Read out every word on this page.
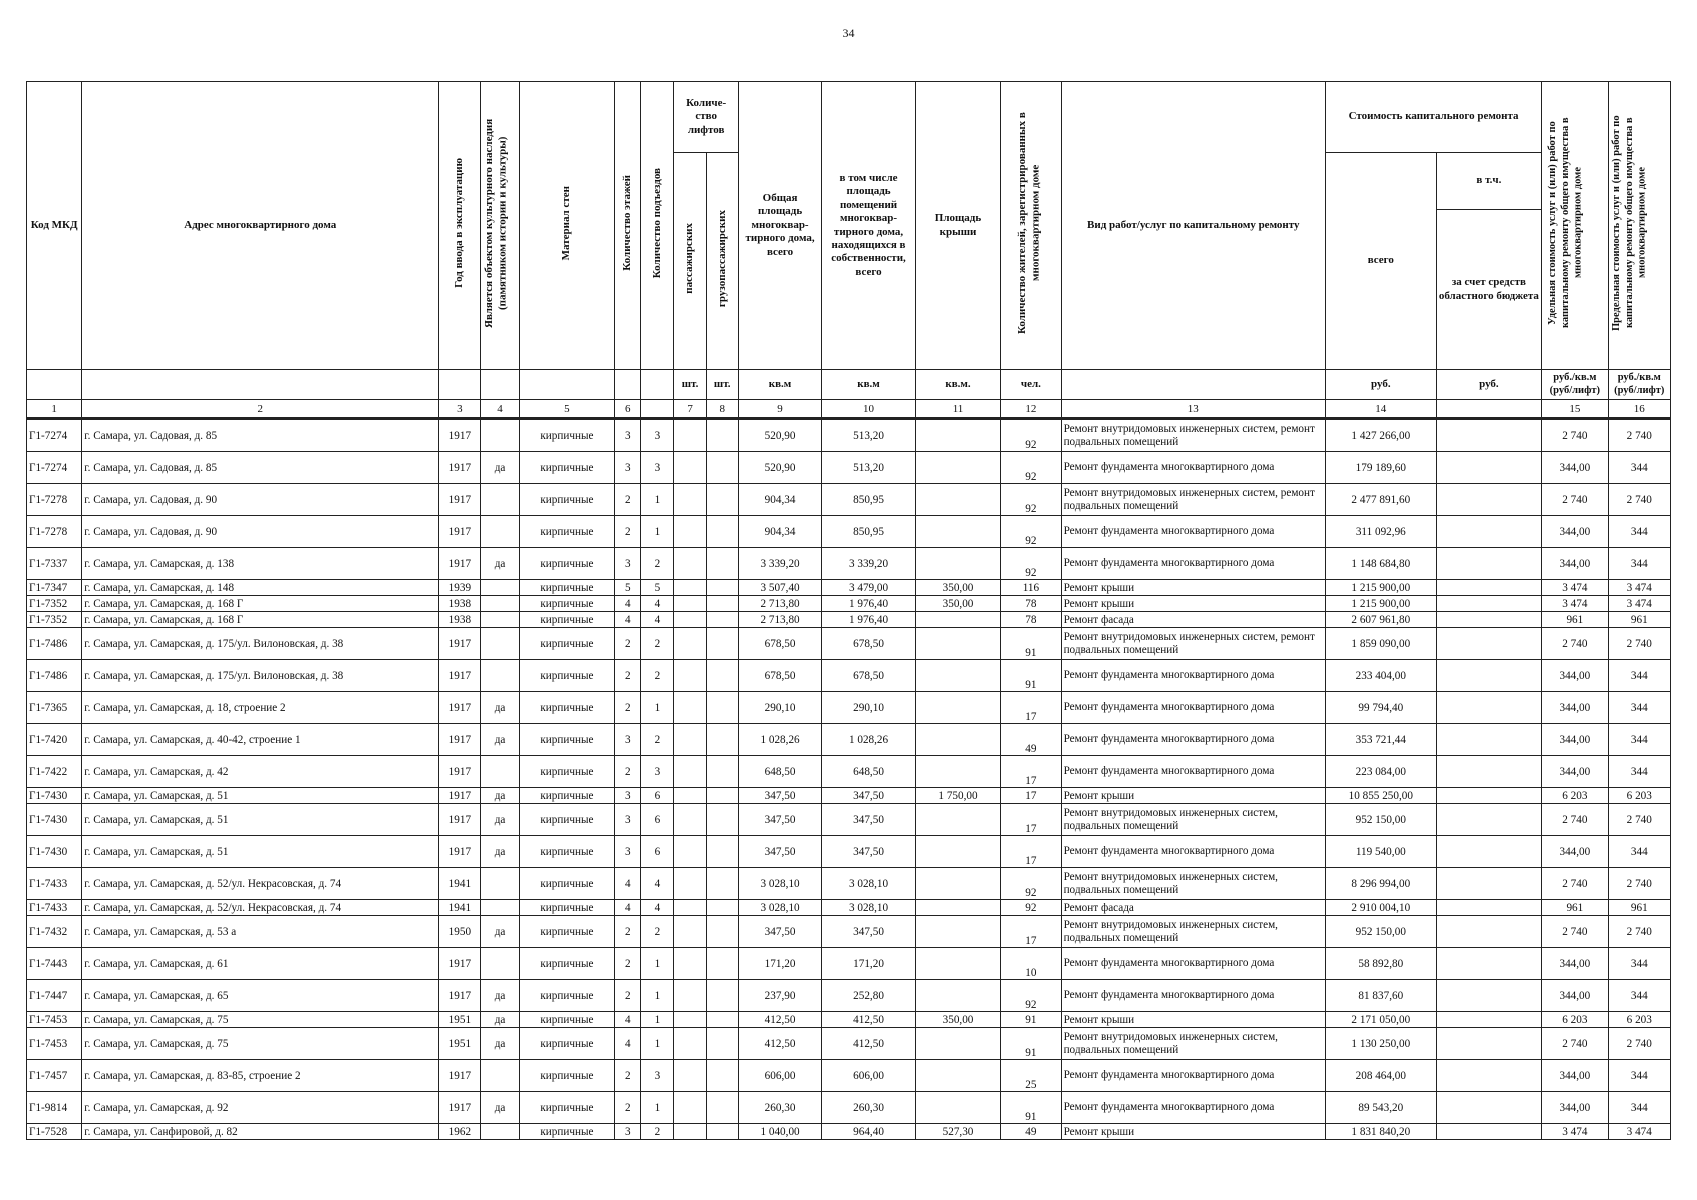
34
Код МКД	Адрес многоквартирного дома	Год ввода в эксплуатацию	Является объектом культурного наследия (памятником истории и культуры)	Материал стен	Количество этажей	Количество подъездов	Количе-ство лифтов		Общая площадь многоквар-тирного дома, всего	в том числе площадь помещений многоквар-тирного дома, находящихся в собственности, всего	Площадь крыши	Количество жителей, зарегистрированных в многоквартирном доме	Вид работ/услуг по капитальному ремонту	Стоимость капитального ремонта		Удельная стоимость услуг и (или) работ по капитальному ремонту общего имущества в многоквартирном доме	Предельная стоимость услуг и (или) работ по капитальному ремонту общего имущества в многоквартирном доме
							пассажирских	грузопассажирских						всего	в т.ч.		
															за счет средств областного бюджета		
							шт.	шт.	кв.м	кв.м	кв.м.	чел.		руб.	руб.	руб./кв.м (руб/лифт)	руб./кв.м (руб/лифт)
1	2	3	4	5	6		7	8	9	10	11	12	13	14		15	16
Г1-7274	г. Самара, ул. Садовая, д. 85	1917		кирпичные	3	3			520,90	513,20		92	Ремонт внутридомовых инженерных систем, ремонт подвальных помещений	1 427 266,00		2 740	2 740
Г1-7274	г. Самара, ул. Садовая, д. 85	1917	да	кирпичные	3	3			520,90	513,20		92	Ремонт фундамента многоквартирного дома	179 189,60		344,00	344
Г1-7278	г. Самара, ул. Садовая, д. 90	1917		кирпичные	2	1			904,34	850,95		92	Ремонт внутридомовых инженерных систем, ремонт подвальных помещений	2 477 891,60		2 740	2 740
Г1-7278	г. Самара, ул. Садовая, д. 90	1917		кирпичные	2	1			904,34	850,95		92	Ремонт фундамента многоквартирного дома	311 092,96		344,00	344
Г1-7337	г. Самара, ул. Самарская, д. 138	1917	да	кирпичные	3	2			3 339,20	3 339,20		92	Ремонт фундамента многоквартирного дома	1 148 684,80		344,00	344
Г1-7347	г. Самара, ул. Самарская, д. 148	1939		кирпичные	5	5			3 507,40	3 479,00	350,00	116	Ремонт крыши	1 215 900,00		3 474	3 474
Г1-7352	г. Самара, ул. Самарская, д. 168 Г	1938		кирпичные	4	4			2 713,80	1 976,40	350,00	78	Ремонт крыши	1 215 900,00		3 474	3 474
Г1-7352	г. Самара, ул. Самарская, д. 168 Г	1938		кирпичные	4	4			2 713,80	1 976,40		78	Ремонт фасада	2 607 961,80		961	961
Г1-7486	г. Самара, ул. Самарская, д. 175/ул. Вилоновская, д. 38	1917		кирпичные	2	2			678,50	678,50		91	Ремонт внутридомовых инженерных систем, ремонт подвальных помещений	1 859 090,00		2 740	2 740
Г1-7486	г. Самара, ул. Самарская, д. 175/ул. Вилоновская, д. 38	1917		кирпичные	2	2			678,50	678,50		91	Ремонт фундамента многоквартирного дома	233 404,00		344,00	344
Г1-7365	г. Самара, ул. Самарская, д. 18, строение 2	1917	да	кирпичные	2	1			290,10	290,10		17	Ремонт фундамента многоквартирного дома	99 794,40		344,00	344
Г1-7420	г. Самара, ул. Самарская, д. 40-42, строение 1	1917	да	кирпичные	3	2			1 028,26	1 028,26		49	Ремонт фундамента многоквартирного дома	353 721,44		344,00	344
Г1-7422	г. Самара, ул. Самарская, д. 42	1917		кирпичные	2	3			648,50	648,50		17	Ремонт фундамента многоквартирного дома	223 084,00		344,00	344
Г1-7430	г. Самара, ул. Самарская, д. 51	1917	да	кирпичные	3	6			347,50	347,50	1 750,00	17	Ремонт крыши	10 855 250,00		6 203	6 203
Г1-7430	г. Самара, ул. Самарская, д. 51	1917	да	кирпичные	3	6			347,50	347,50		17	Ремонт внутридомовых инженерных систем, подвальных помещений	952 150,00		2 740	2 740
Г1-7430	г. Самара, ул. Самарская, д. 51	1917	да	кирпичные	3	6			347,50	347,50		17	Ремонт фундамента многоквартирного дома	119 540,00		344,00	344
Г1-7433	г. Самара, ул. Самарская, д. 52/ул. Некрасовская, д. 74	1941		кирпичные	4	4			3 028,10	3 028,10		92	Ремонт внутридомовых инженерных систем, подвальных помещений	8 296 994,00		2 740	2 740
Г1-7433	г. Самара, ул. Самарская, д. 52/ул. Некрасовская, д. 74	1941		кирпичные	4	4			3 028,10	3 028,10		92	Ремонт фасада	2 910 004,10		961	961
Г1-7432	г. Самара, ул. Самарская, д. 53 а	1950	да	кирпичные	2	2			347,50	347,50		17	Ремонт внутридомовых инженерных систем, подвальных помещений	952 150,00		2 740	2 740
Г1-7443	г. Самара, ул. Самарская, д. 61	1917		кирпичные	2	1			171,20	171,20		10	Ремонт фундамента многоквартирного дома	58 892,80		344,00	344
Г1-7447	г. Самара, ул. Самарская, д. 65	1917	да	кирпичные	2	1			237,90	252,80		92	Ремонт фундамента многоквартирного дома	81 837,60		344,00	344
Г1-7453	г. Самара, ул. Самарская, д. 75	1951	да	кирпичные	4	1			412,50	412,50	350,00	91	Ремонт крыши	2 171 050,00		6 203	6 203
Г1-7453	г. Самара, ул. Самарская, д. 75	1951	да	кирпичные	4	1			412,50	412,50		91	Ремонт внутридомовых инженерных систем, подвальных помещений	1 130 250,00		2 740	2 740
Г1-7457	г. Самара, ул. Самарская, д. 83-85, строение 2	1917		кирпичные	2	3			606,00	606,00		25	Ремонт фундамента многоквартирного дома	208 464,00		344,00	344
Г1-9814	г. Самара, ул. Самарская, д. 92	1917	да	кирпичные	2	1			260,30	260,30		91	Ремонт фундамента многоквартирного дома	89 543,20		344,00	344
Г1-7528	г. Самара, ул. Санфировой, д. 82	1962		кирпичные	3	2			1 040,00	964,40	527,30	49	Ремонт крыши	1 831 840,20		3 474	3 474
